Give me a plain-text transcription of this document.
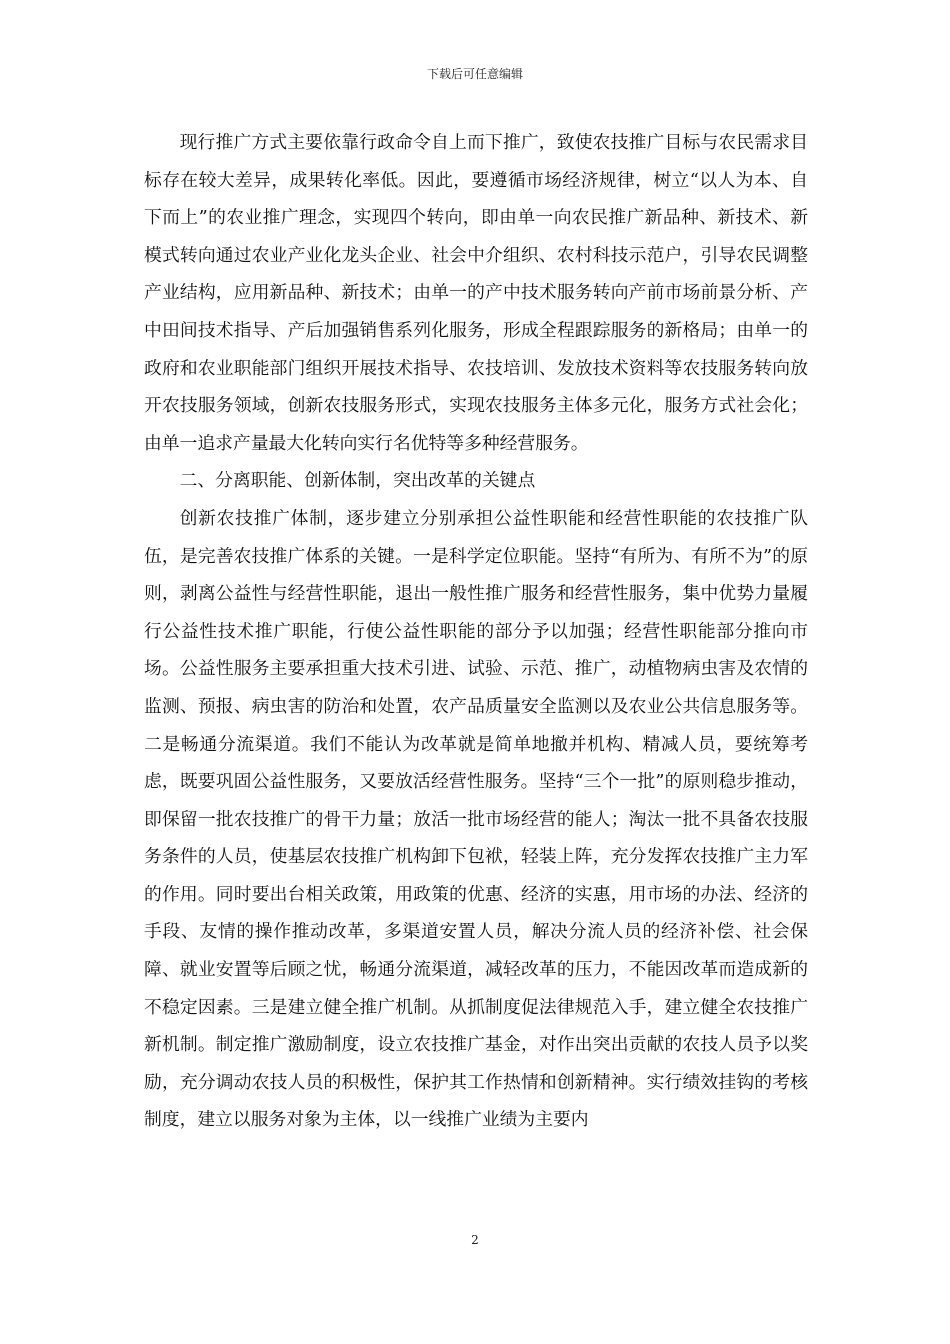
下载后可任意编辑

现行推广方式主要依靠行政命令自上而下推广，致使农技推广目标与农民需求目标存在较大差异，成果转化率低。因此，要遵循市场经济规律，树立“以人为本、自下而上”的农业推广理念，实现四个转向，即由单一向农民推广新品种、新技术、新模式转向通过农业产业化龙头企业、社会中介组织、农村科技示范户，引导农民调整产业结构，应用新品种、新技术；由单一的产中技术服务转向产前市场前景分析、产中田间技术指导、产后加强销售系列化服务，形成全程跟踪服务的新格局；由单一的政府和农业职能部门组织开展技术指导、农技培训、发放技术资料等农技服务转向放开农技服务领域，创新农技服务形式，实现农技服务主体多元化，服务方式社会化；由单一追求产量最大化转向实行名优特等多种经营服务。

二、分离职能、创新体制，突出改革的关键点

创新农技推广体制，逐步建立分别承担公益性职能和经营性职能的农技推广队伍，是完善农技推广体系的关键。一是科学定位职能。坚持“有所为、有所不为”的原则，剥离公益性与经营性职能，退出一般性推广服务和经营性服务，集中优势力量履行公益性技术推广职能，行使公益性职能的部分予以加强；经营性职能部分推向市场。公益性服务主要承担重大技术引进、试验、示范、推广，动植物病虫害及农情的监测、预报、病虫害的防治和处置，农产品质量安全监测以及农业公共信息服务等。二是畅通分流渠道。我们不能认为改革就是简单地撤并机构、精减人员，要统筹考虑，既要巩固公益性服务，又要放活经营性服务。坚持“三个一批”的原则稳步推动，即保留一批农技推广的骨干力量；放活一批市场经营的能人；淘汰一批不具备农技服务条件的人员，使基层农技推广机构卸下包袱，轻装上阵，充分发挥农技推广主力军的作用。同时要出台相关政策，用政策的优惠、经济的实惠，用市场的办法、经济的手段、友情的操作推动改革，多渠道安置人员，解决分流人员的经济补偿、社会保障、就业安置等后顾之忧，畅通分流渠道，减轻改革的压力，不能因改革而造成新的不稳定因素。三是建立健全推广机制。从抓制度促法律规范入手，建立健全农技推广新机制。制定推广激励制度，设立农技推广基金，对作出突出贡献的农技人员予以奖励，充分调动农技人员的积极性，保护其工作热情和创新精神。实行绩效挂钩的考核制度，建立以服务对象为主体，以一线推广业绩为主要内

2
